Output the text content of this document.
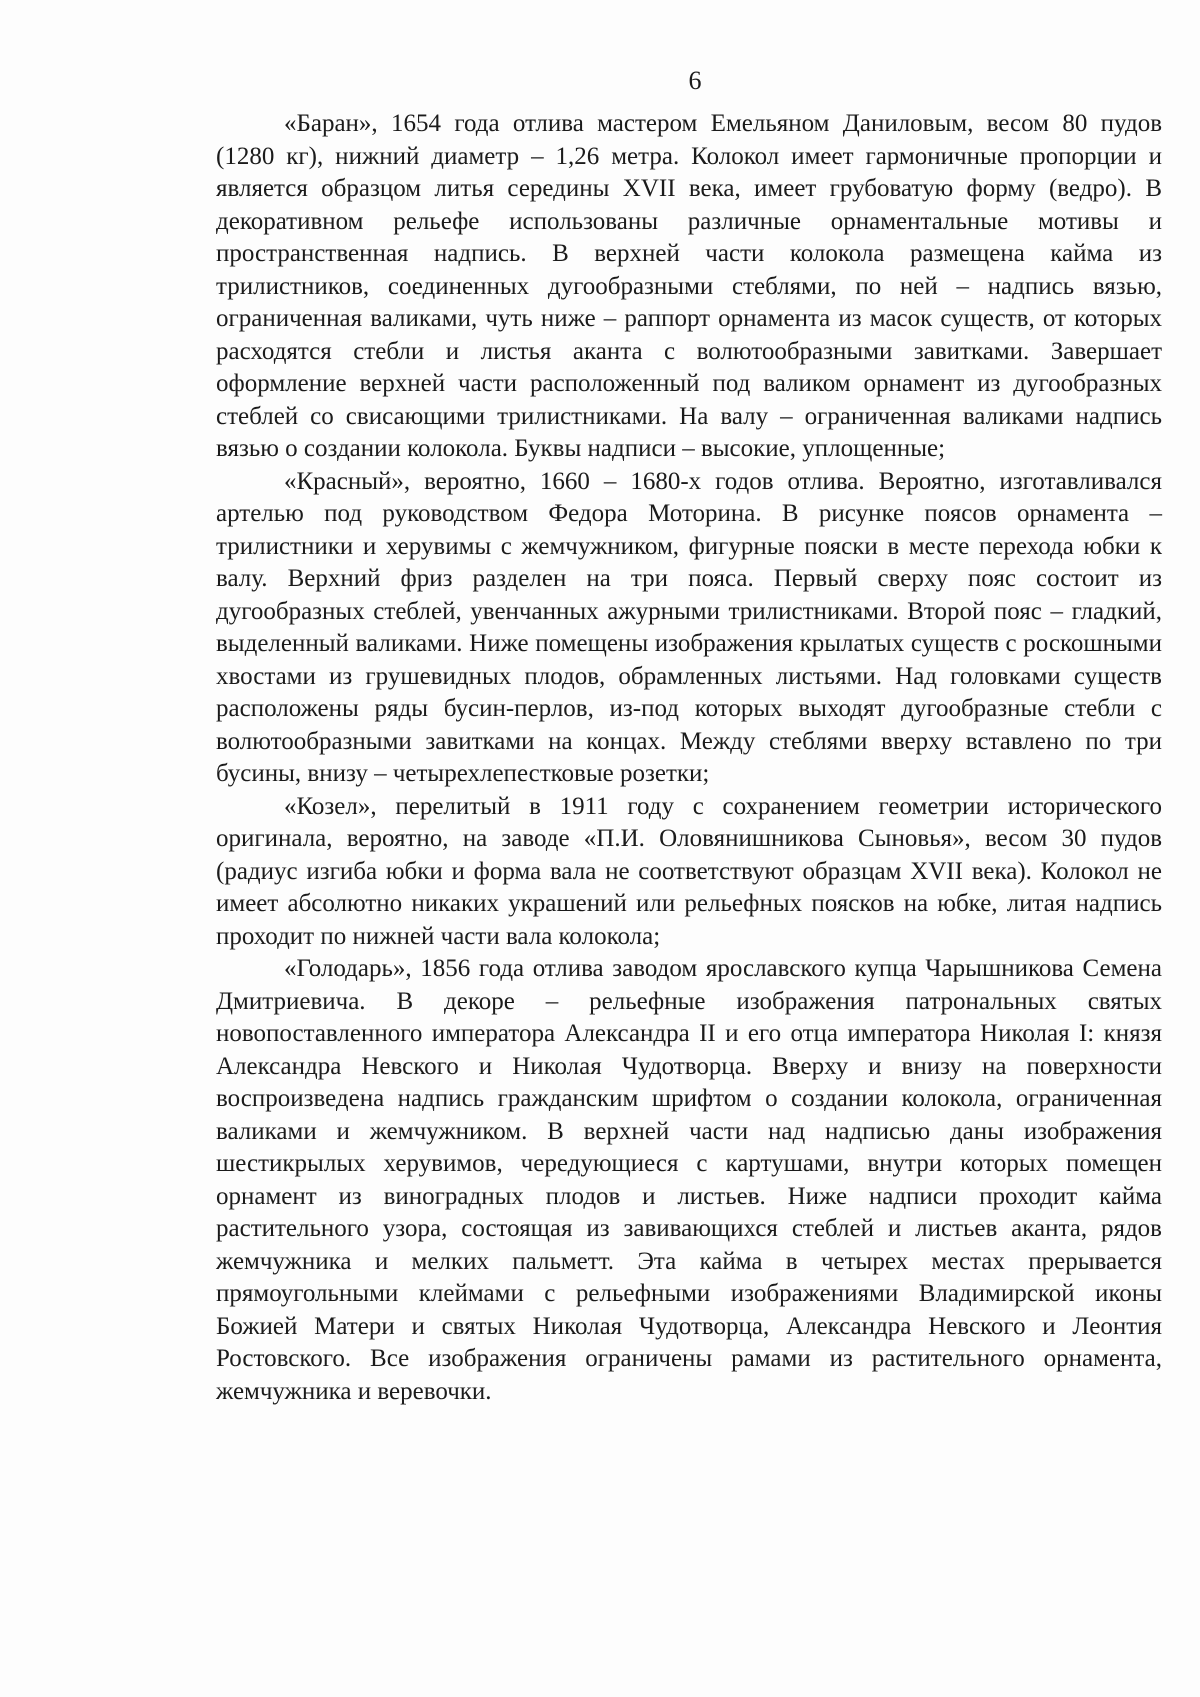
6

«Баран», 1654 года отлива мастером Емельяном Даниловым, весом 80 пудов (1280 кг), нижний диаметр – 1,26 метра. Колокол имеет гармоничные пропорции и является образцом литья середины XVII века, имеет грубоватую форму (ведро). В декоративном рельефе использованы различные орнаментальные мотивы и пространственная надпись. В верхней части колокола размещена кайма из трилистников, соединенных дугообразными стеблями, по ней – надпись вязью, ограниченная валиками, чуть ниже – раппорт орнамента из масок существ, от которых расходятся стебли и листья аканта с волютообразными завитками. Завершает оформление верхней части расположенный под валиком орнамент из дугообразных стеблей со свисающими трилистниками. На валу – ограниченная валиками надпись вязью о создании колокола. Буквы надписи – высокие, уплощенные;

«Красный», вероятно, 1660 – 1680-х годов отлива. Вероятно, изготавливался артелью под руководством Федора Моторина. В рисунке поясов орнамента – трилистники и херувимы с жемчужником, фигурные пояски в месте перехода юбки к валу. Верхний фриз разделен на три пояса. Первый сверху пояс состоит из дугообразных стеблей, увенчанных ажурными трилистниками. Второй пояс – гладкий, выделенный валиками. Ниже помещены изображения крылатых существ с роскошными хвостами из грушевидных плодов, обрамленных листьями. Над головками существ расположены ряды бусин-перлов, из-под которых выходят дугообразные стебли с волютообразными завитками на концах. Между стеблями вверху вставлено по три бусины, внизу – четырехлепестковые розетки;

«Козел», перелитый в 1911 году с сохранением геометрии исторического оригинала, вероятно, на заводе «П.И. Оловянишникова Сыновья», весом 30 пудов (радиус изгиба юбки и форма вала не соответствуют образцам XVII века). Колокол не имеет абсолютно никаких украшений или рельефных поясков на юбке, литая надпись проходит по нижней части вала колокола;

«Голодарь», 1856 года отлива заводом ярославского купца Чарышникова Семена Дмитриевича. В декоре – рельефные изображения патрональных святых новопоставленного императора Александра II и его отца императора Николая I: князя Александра Невского и Николая Чудотворца. Вверху и внизу на поверхности воспроизведена надпись гражданским шрифтом о создании колокола, ограниченная валиками и жемчужником. В верхней части над надписью даны изображения шестикрылых херувимов, чередующиеся с картушами, внутри которых помещен орнамент из виноградных плодов и листьев. Ниже надписи проходит кайма растительного узора, состоящая из завивающихся стеблей и листьев аканта, рядов жемчужника и мелких пальметт. Эта кайма в четырех местах прерывается прямоугольными клеймами с рельефными изображениями Владимирской иконы Божией Матери и святых Николая Чудотворца, Александра Невского и Леонтия Ростовского. Все изображения ограничены рамами из растительного орнамента, жемчужника и веревочки.
